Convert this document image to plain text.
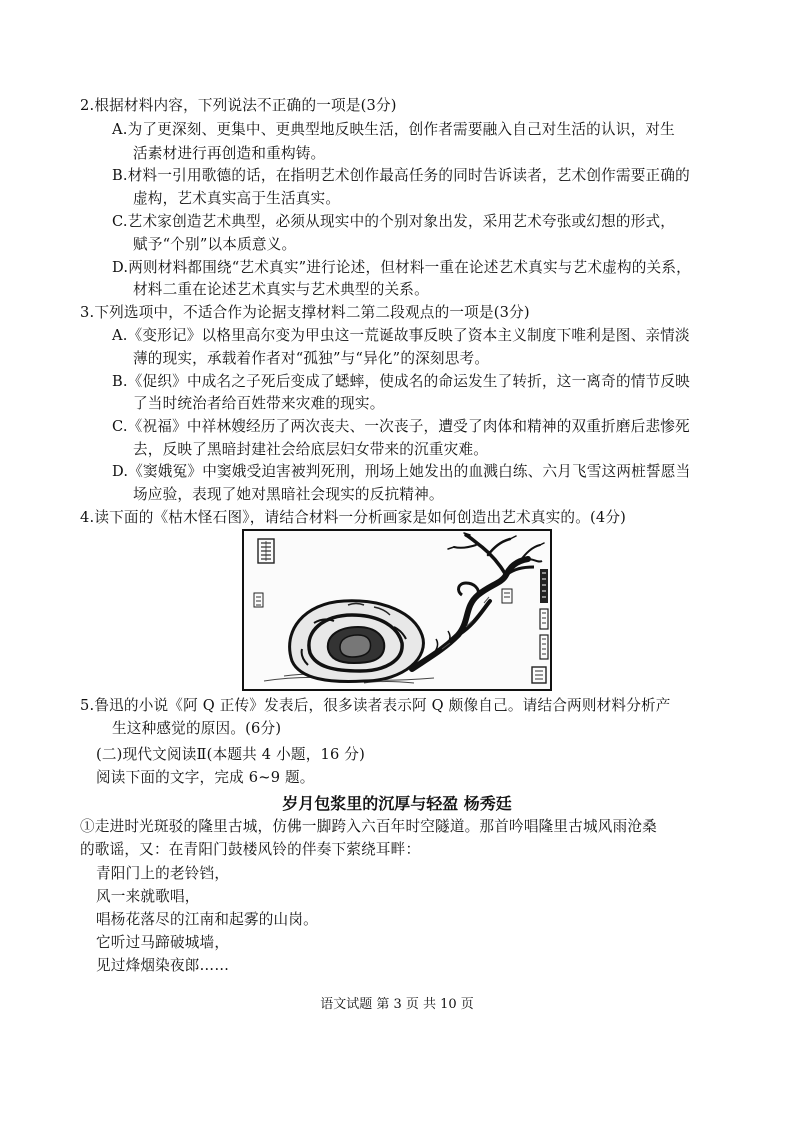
2.根据材料内容，下列说法不正确的一项是(3分)
A.为了更深刻、更集中、更典型地反映生活，创作者需要融入自己对生活的认识，对生
活素材进行再创造和重构铸。
B.材料一引用歌德的话，在指明艺术创作最高任务的同时告诉读者，艺术创作需要正确的
虚构，艺术真实高于生活真实。
C.艺术家创造艺术典型，必须从现实中的个别对象出发，采用艺术夸张或幻想的形式，
赋予“个别”以本质意义。
D.两则材料都围绕“艺术真实”进行论述，但材料一重在论述艺术真实与艺术虚构的关系，
材料二重在论述艺术真实与艺术典型的关系。
3.下列选项中，不适合作为论据支撑材料二第二段观点的一项是(3分)
A.《变形记》以格里高尔变为甲虫这一荒诞故事反映了资本主义制度下唯利是图、亲情淡
薄的现实，承载着作者对“孤独”与“异化”的深刻思考。
B.《促织》中成名之子死后变成了蟋蟀，使成名的命运发生了转折，这一离奇的情节反映
了当时统治者给百姓带来灾难的现实。
C.《祝福》中祥林嫂经历了两次丧夫、一次丧子，遭受了肉体和精神的双重折磨后悲惨死
去，反映了黑暗封建社会给底层妇女带来的沉重灾难。
D.《窦娥冤》中窦娥受迫害被判死刑，刑场上她发出的血溅白练、六月飞雪这两桩誓愿当
场应验，表现了她对黑暗社会现实的反抗精神。
4.读下面的《枯木怪石图》，请结合材料一分析画家是如何创造出艺术真实的。(4分)
5.鲁迅的小说《阿 Q 正传》发表后，很多读者表示阿 Q 颇像自己。请结合两则材料分析产
生这种感觉的原因。(6分)
(二)现代文阅读Ⅱ(本题共 4 小题，16 分)
阅读下面的文字，完成 6~9 题。
岁月包浆里的沉厚与轻盈 杨秀廷
①走进时光斑驳的隆里古城，仿佛一脚跨入六百年时空隧道。那首吟唱隆里古城风雨沧桑
的歌谣，又：在青阳门鼓楼风铃的伴奏下萦绕耳畔：
青阳门上的老铃铛，
风一来就歌唱，
唱杨花落尽的江南和起雾的山岗。
它听过马蹄破城墙，
见过烽烟染夜郎……
语文试题 第 3 页 共 10 页
